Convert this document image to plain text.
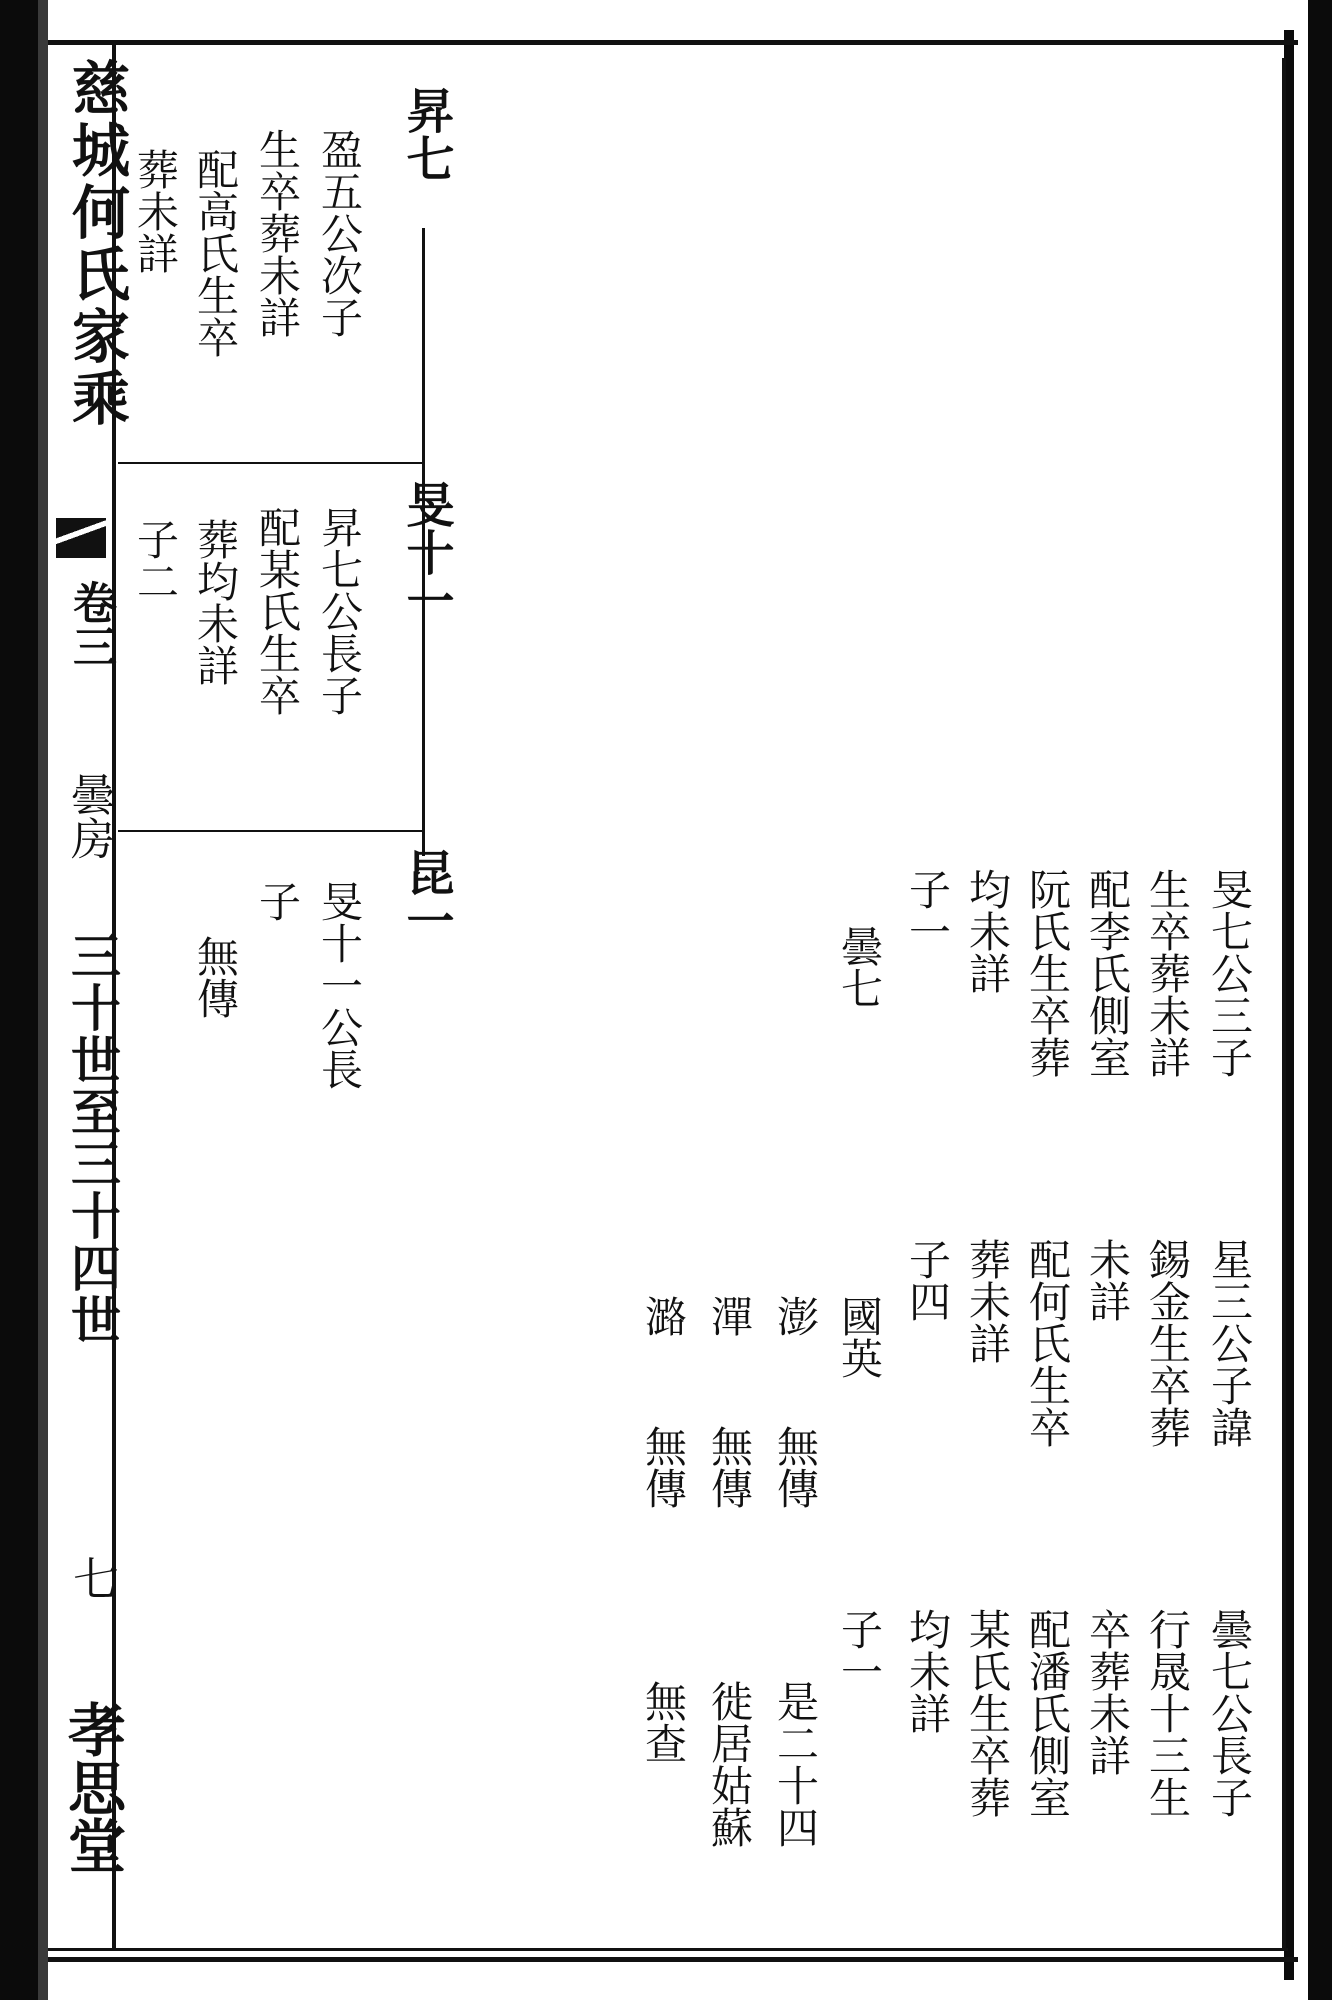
慈城何氏家乘
卷三
曇房
三十世至三十四世
七
孝思堂
昇七
旻十一
昆一
盈五公次子
生卒葬未詳
配高氏生卒
葬未詳
昇七公長子
配某氏生卒
葬均未詳
子二
旻十一公長
子
無傳	旻七公三子
生卒葬未詳
配李氏側室
阮氏生卒葬
均未詳
子一
曇七
星三公子諱
錫金生卒葬
未詳
配何氏生卒
葬未詳
子四
國英
澎
無傳
潬
無傳
潞
無傳
曇七公長子
行晟十三生
卒葬未詳
配潘氏側室
某氏生卒葬
均未詳
子一
是二十四
徙居姑蘇
無查
